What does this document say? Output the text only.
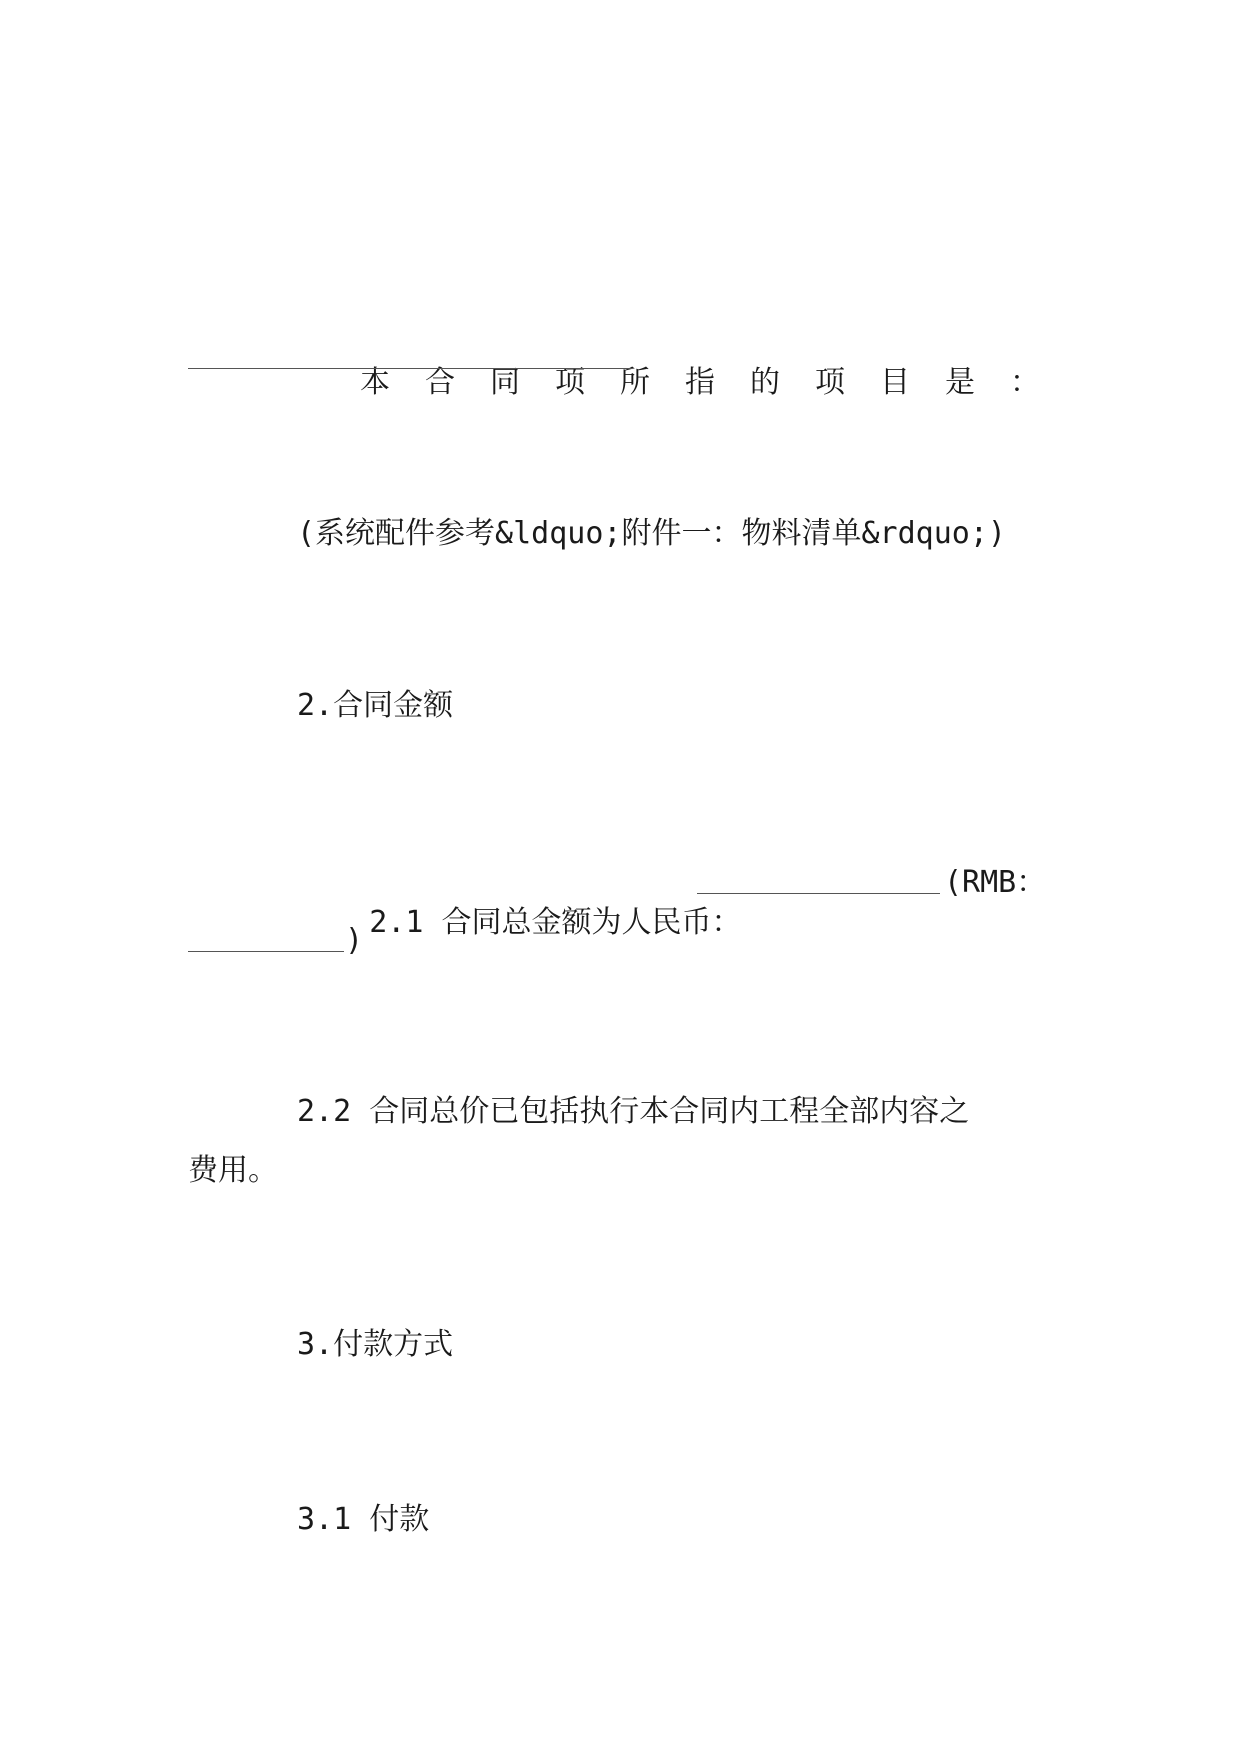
本 合 同 项 所 指 的 项 目 是 ：

(系统配件参考&ldquo;附件一：物料清单&rdquo;)
2.合同金额

2.1 合同总金额为人民币：

(RMB：
)
2.2 合同总价已包括执行本合同内工程全部内容之
费用。
3.付款方式
3.1 付款
